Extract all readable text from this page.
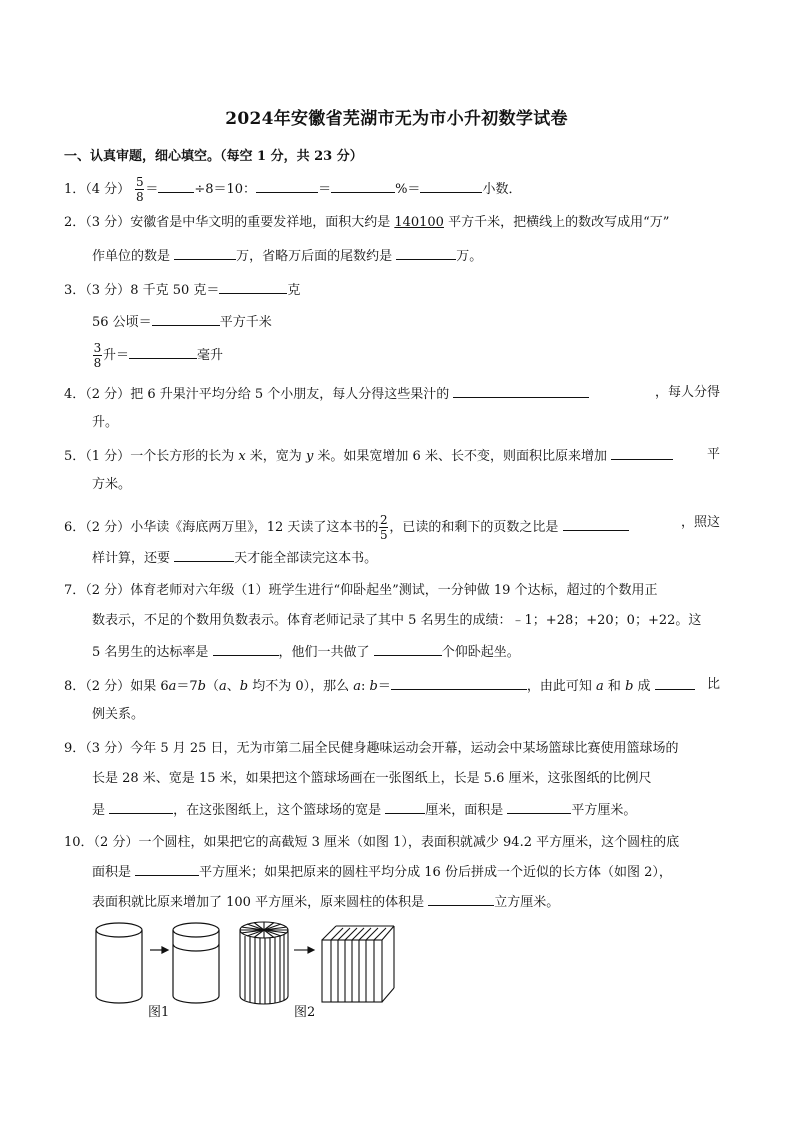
2024年安徽省芜湖市无为市小升初数学试卷
一、认真审题，细心填空。（每空 1 分，共 23 分）
1．（4 分） $\frac{5}{8}$ ＝	÷8＝10：	＝	%＝	小数．
2．（3 分）安徽省是中华文明的重要发祥地，面积大约是 140100 平方千米，把横线上的数改写成用“万”
作单位的数是	万，省略万后面的尾数约是	万。
3．（3 分）8 千克 50 克＝	克
56 公顷＝	平方千米
$\frac{3}{8}$ 升＝	毫升
4．（2 分）把 6 升果汁平均分给 5 个小朋友，每人分得这些果汁的	，每人分得
升。
5．（1 分）一个长方形的长为 x 米，宽为 y 米。如果宽增加 6 米、长不变，则面积比原来增加	平
方米。
6．（2 分）小华读《海底两万里》，12 天读了这本书的 $\frac{2}{5}$ ，已读的和剩下的页数之比是	，照这
样计算，还要	天才能全部读完这本书。
7．（2 分）体育老师对六年级（1）班学生进行“仰卧起坐”测试，一分钟做 19 个达标，超过的个数用正
数表示，不足的个数用负数表示。体育老师记录了其中 5 名男生的成绩：﹣1；+28；+20；0；+22。这
5 名男生的达标率是	，他们一共做了	个仰卧起坐。
8．（2 分）如果 6a＝7b（a、b 均不为 0），那么 a: b＝	，由此可知 a 和 b 成	比
例关系。
9．（3 分）今年 5 月 25 日，无为市第二届全民健身趣味运动会开幕，运动会中某场篮球比赛使用篮球场的
长是 28 米、宽是 15 米，如果把这个篮球场画在一张图纸上，长是 5.6 厘米，这张图纸的比例尺
是	，在这张图纸上，这个篮球场的宽是	厘米，面积是	平方厘米。
10．（2 分）一个圆柱，如果把它的高截短 3 厘米（如图 1），表面积就减少 94.2 平方厘米，这个圆柱的底
面积是	平方厘米；如果把原来的圆柱平均分成 16 份后拼成一个近似的长方体（如图 2），
表面积就比原来增加了 100 平方厘米，原来圆柱的体积是	立方厘米。
图1	图2
